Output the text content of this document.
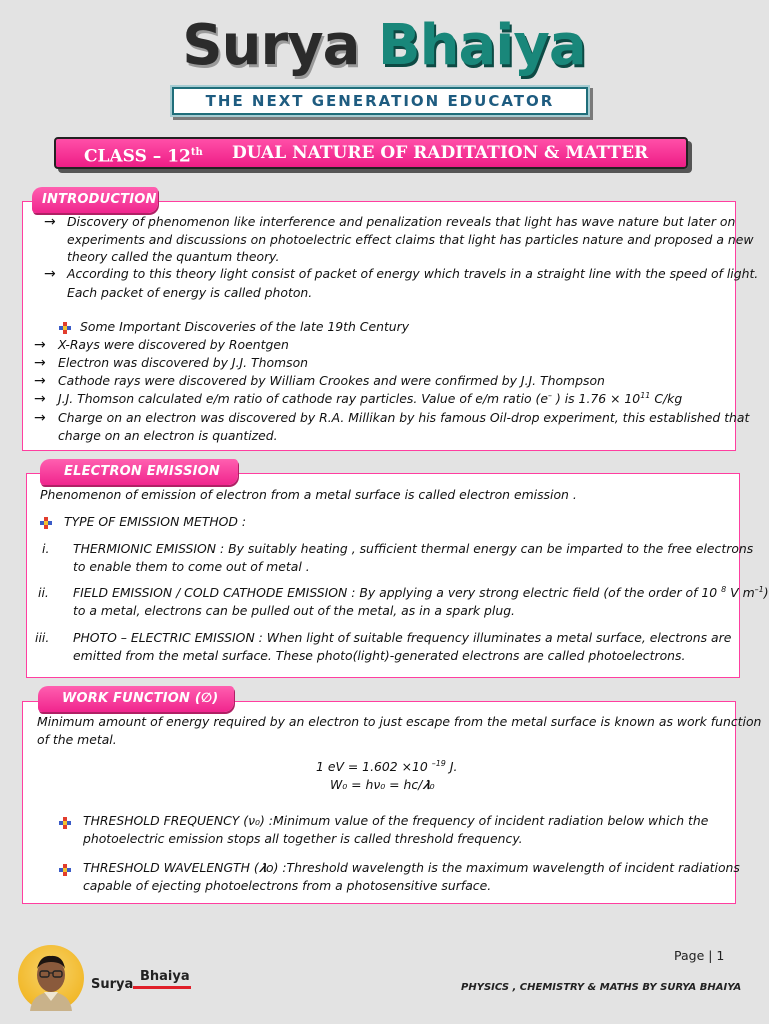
Surya Bhaiya
THE NEXT GENERATION EDUCATOR
CLASS – 12th DUAL NATURE OF RADITATION & MATTER
INTRODUCTION
→ Discovery of phenomenon like interference and penalization reveals that light has wave nature but later on
experiments and discussions on photoelectric effect claims that light has particles nature and proposed a new
theory called the quantum theory.
→ According to this theory light consist of packet of energy which travels in a straight line with the speed of light.
Each packet of energy is called photon.
Some Important Discoveries of the late 19th Century
→ X-Rays were discovered by Roentgen
→ Electron was discovered by J.J. Thomson
→ Cathode rays were discovered by William Crookes and were confirmed by J.J. Thompson
→ J.J. Thomson calculated e/m ratio of cathode ray particles. Value of e/m ratio (e– ) is $1.76 \times 10^{11}$ C/kg
→ Charge on an electron was discovered by R.A. Millikan by his famous Oil-drop experiment, this established that
charge on an electron is quantized.
ELECTRON EMISSION
Phenomenon of emission of electron from a metal surface is called electron emission .
TYPE OF EMISSION METHOD :
i. THERMIONIC EMISSION : By suitably heating , sufficient thermal energy can be imparted to the free electrons
to enable them to come out of metal .
ii. FIELD EMISSION / COLD CATHODE EMISSION : By applying a very strong electric field (of the order of 10 $^8$ V $m^{-1}$)
to a metal, electrons can be pulled out of the metal, as in a spark plug.
iii. PHOTO – ELECTRIC EMISSION : When light of suitable frequency illuminates a metal surface, electrons are
emitted from the metal surface. These photo(light)-generated electrons are called photoelectrons.
WORK FUNCTION (∅)
Minimum amount of energy required by an electron to just escape from the metal surface is known as work function
of the metal.
1 eV = 1.602 ×10 $^{-19}$ J.
W₀ = hν₀ = hc/𝝀₀
THRESHOLD FREQUENCY (ν₀) :Minimum value of the frequency of incident radiation below which the
photoelectric emission stops all together is called threshold frequency.
THRESHOLD WAVELENGTH (𝝀o) :Threshold wavelength is the maximum wavelength of incident radiations
capable of ejecting photoelectrons from a photosensitive surface.
Surya
Bhaiya
Page | 1
PHYSICS , CHEMISTRY & MATHS BY SURYA BHAIYA
